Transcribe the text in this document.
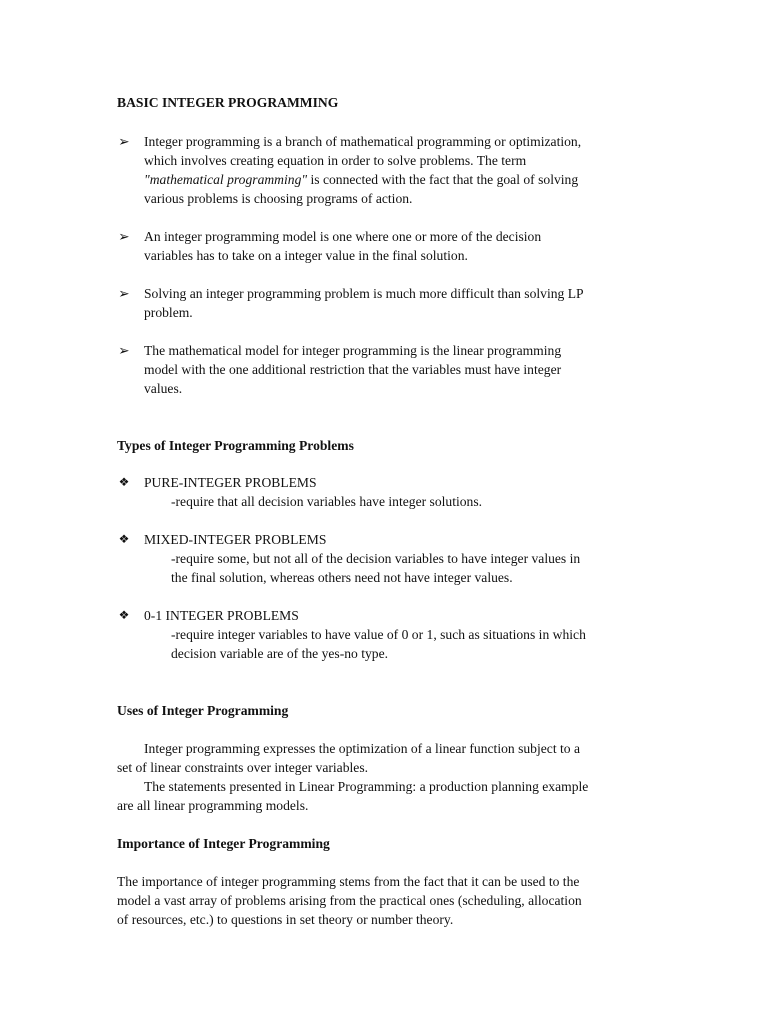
BASIC INTEGER PROGRAMMING
➢ Integer programming is a branch of mathematical programming or optimization,
which involves creating equation in order to solve problems. The term
"mathematical programming" is connected with the fact that the goal of solving
various problems is choosing programs of action.
➢ An integer programming model is one where one or more of the decision
variables has to take on a integer value in the final solution.
➢ Solving an integer programming problem is much more difficult than solving LP
problem.
➢ The mathematical model for integer programming is the linear programming
model with the one additional restriction that the variables must have integer
values.
Types of Integer Programming Problems
❖ PURE-INTEGER PROBLEMS
-require that all decision variables have integer solutions.
❖ MIXED-INTEGER PROBLEMS
-require some, but not all of the decision variables to have integer values in
the final solution, whereas others need not have integer values.
❖ 0-1 INTEGER PROBLEMS
-require integer variables to have value of 0 or 1, such as situations in which
decision variable are of the yes-no type.
Uses of Integer Programming
Integer programming expresses the optimization of a linear function subject to a
set of linear constraints over integer variables.
The statements presented in Linear Programming: a production planning example
are all linear programming models.
Importance of Integer Programming
The importance of integer programming stems from the fact that it can be used to the
model a vast array of problems arising from the practical ones (scheduling, allocation
of resources, etc.) to questions in set theory or number theory.
